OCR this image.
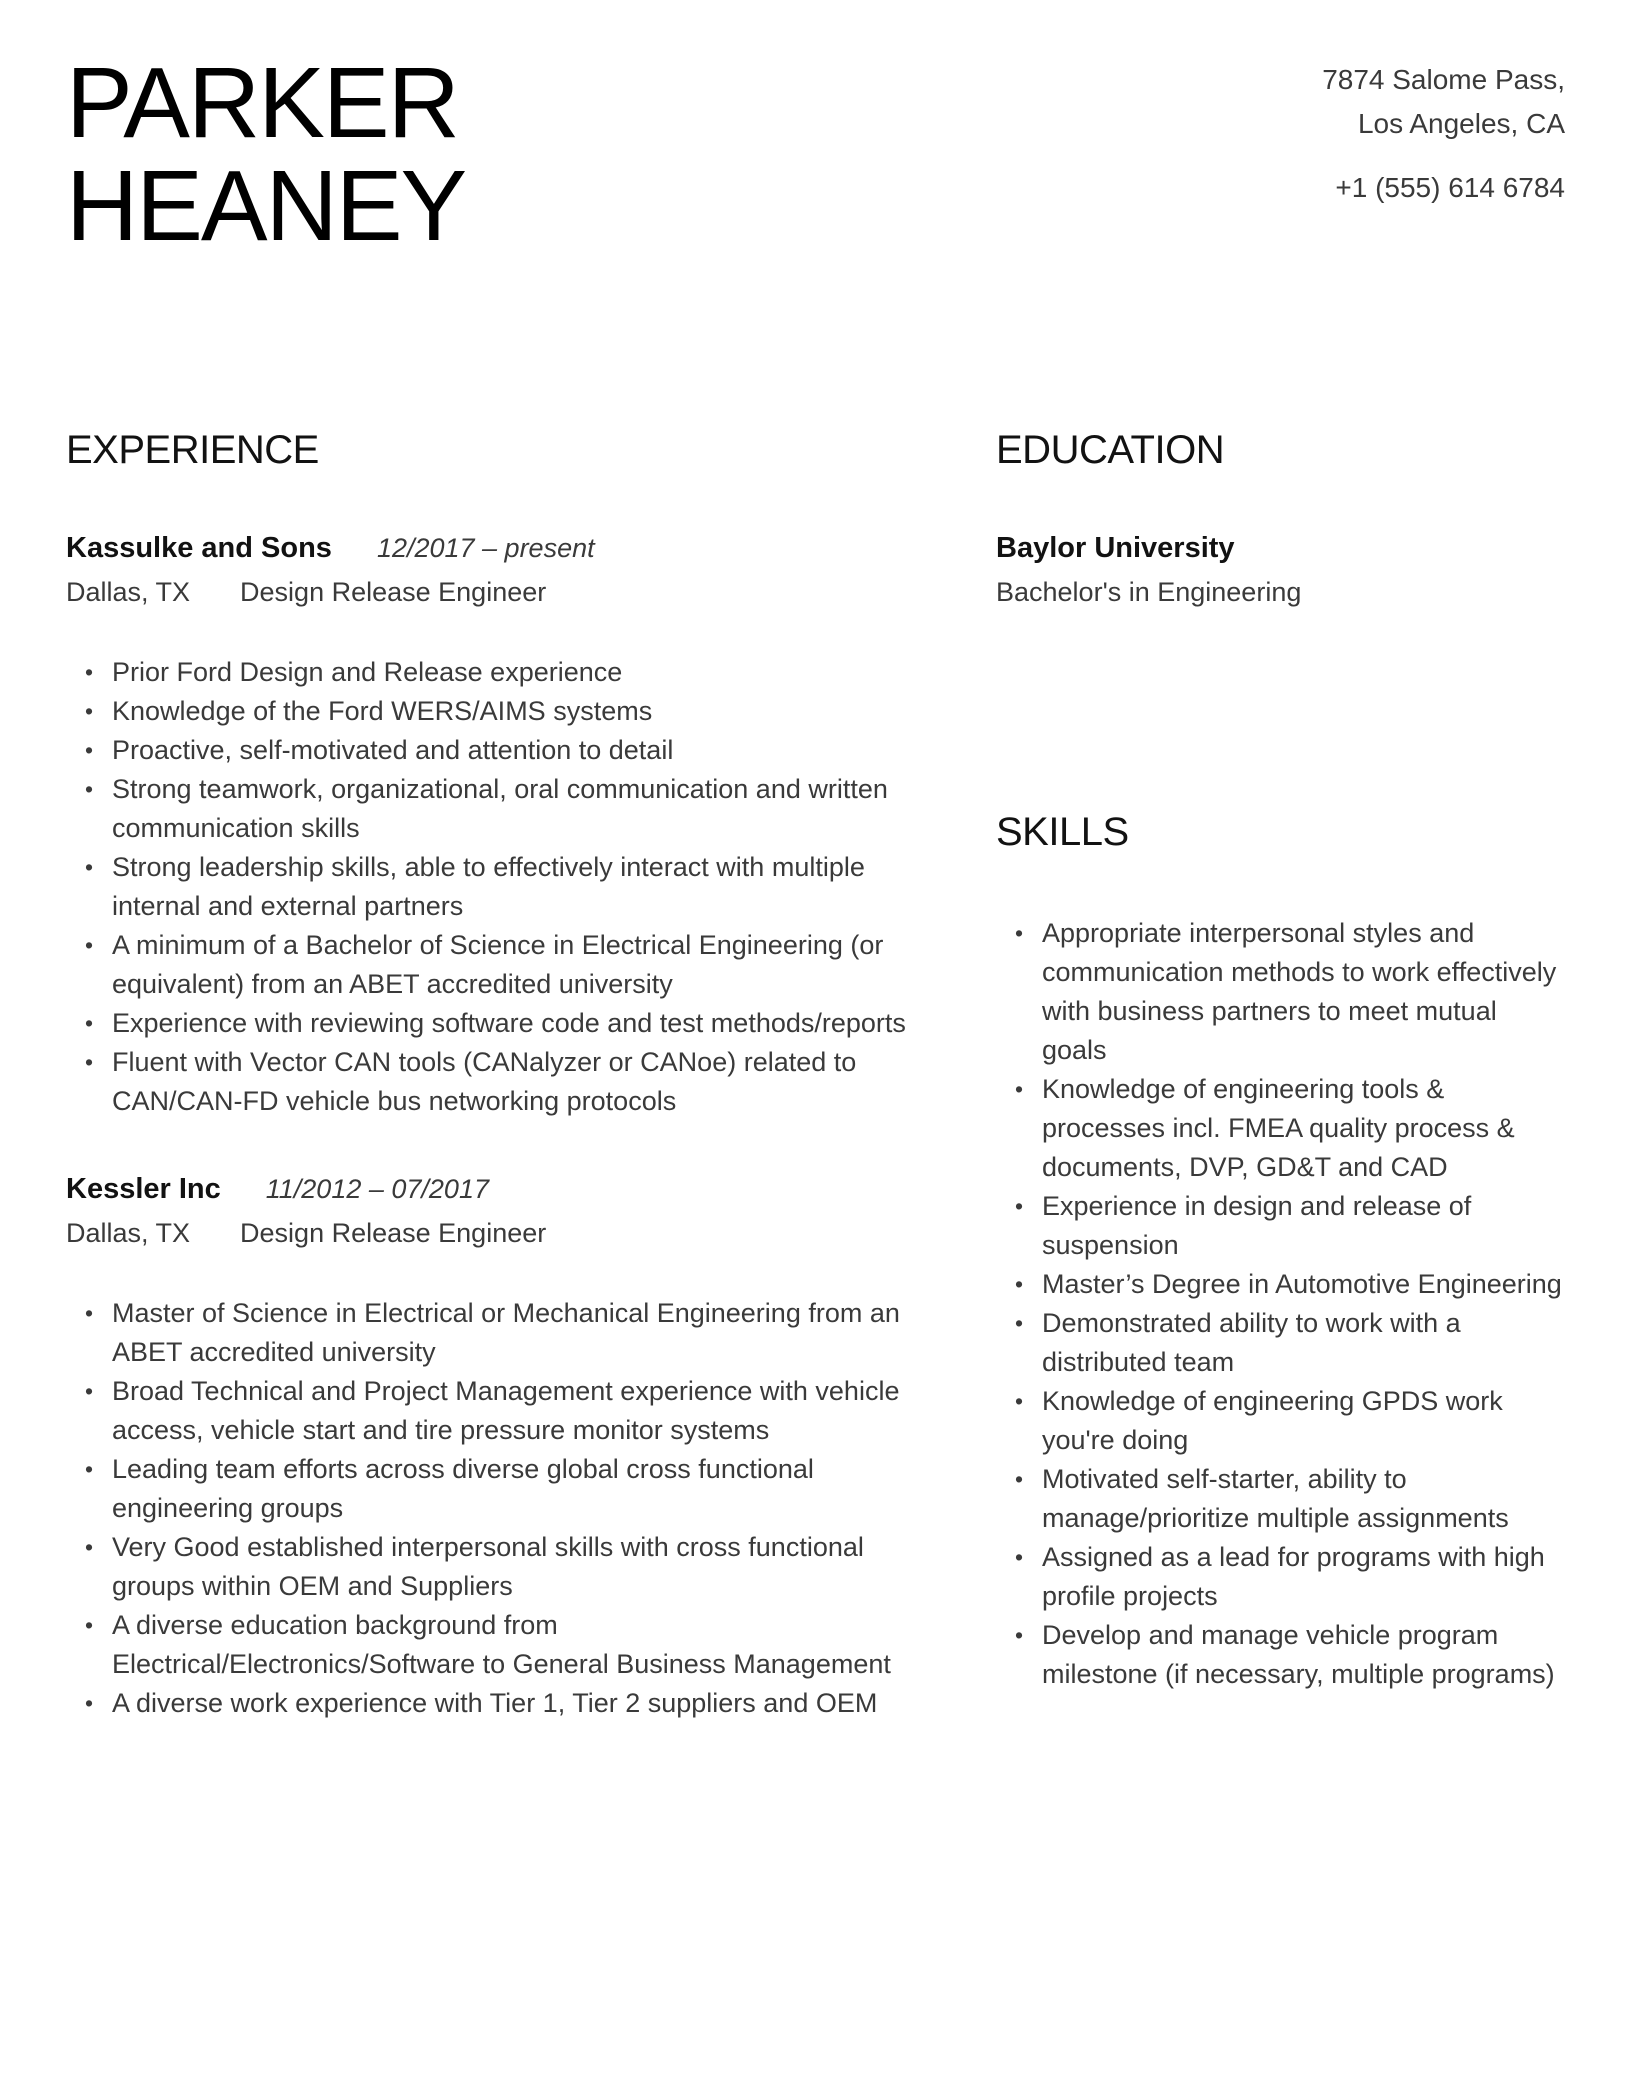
PARKER
HEANEY
7874 Salome Pass,
Los Angeles, CA
+1 (555) 614 6784
EXPERIENCE
Kassulke and Sons 12/2017 – present
Dallas, TX Design Release Engineer
• Prior Ford Design and Release experience
• Knowledge of the Ford WERS/AIMS systems
• Proactive, self-motivated and attention to detail
• Strong teamwork, organizational, oral communication and written communication skills
• Strong leadership skills, able to effectively interact with multiple internal and external partners
• A minimum of a Bachelor of Science in Electrical Engineering (or equivalent) from an ABET accredited university
• Experience with reviewing software code and test methods/reports
• Fluent with Vector CAN tools (CANalyzer or CANoe) related to CAN/CAN-FD vehicle bus networking protocols
Kessler Inc 11/2012 – 07/2017
Dallas, TX Design Release Engineer
• Master of Science in Electrical or Mechanical Engineering from an ABET accredited university
• Broad Technical and Project Management experience with vehicle access, vehicle start and tire pressure monitor systems
• Leading team efforts across diverse global cross functional engineering groups
• Very Good established interpersonal skills with cross functional groups within OEM and Suppliers
• A diverse education background from Electrical/Electronics/Software to General Business Management
• A diverse work experience with Tier 1, Tier 2 suppliers and OEM
EDUCATION
Baylor University
Bachelor's in Engineering
SKILLS
• Appropriate interpersonal styles and communication methods to work effectively with business partners to meet mutual goals
• Knowledge of engineering tools & processes incl. FMEA quality process & documents, DVP, GD&T and CAD
• Experience in design and release of suspension
• Master’s Degree in Automotive Engineering
• Demonstrated ability to work with a distributed team
• Knowledge of engineering GPDS work you're doing
• Motivated self-starter, ability to manage/prioritize multiple assignments
• Assigned as a lead for programs with high profile projects
• Develop and manage vehicle program milestone (if necessary, multiple programs)
